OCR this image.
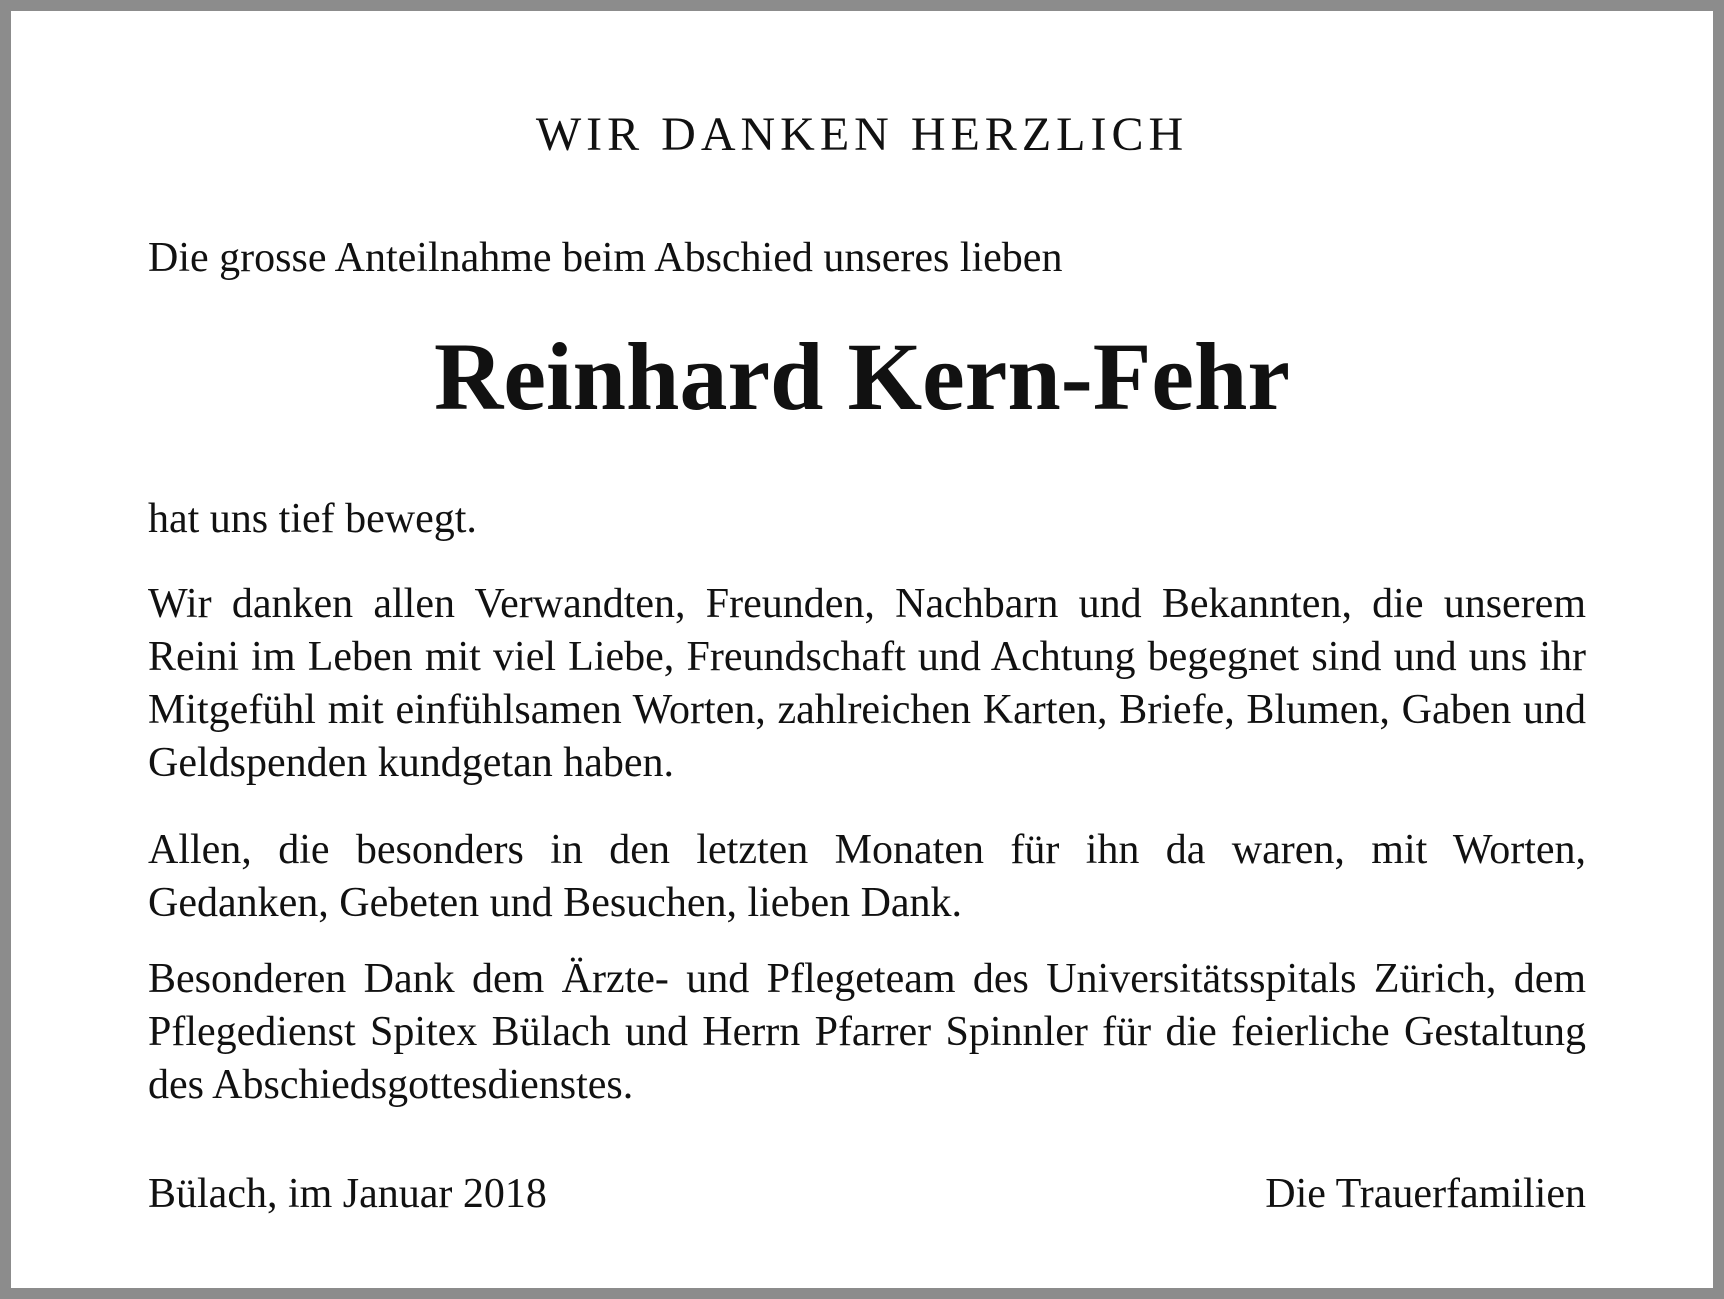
WIR DANKEN HERZLICH
Die grosse Anteilnahme beim Abschied unseres lieben
Reinhard Kern-Fehr

hat uns tief bewegt.

Wir danken allen Verwandten, Freunden, Nachbarn und Bekannten, die unserem Reini im Leben mit viel Liebe, Freundschaft und Achtung begegnet sind und uns ihr Mitgefühl mit einfühlsamen Worten, zahlreichen Karten, Briefe, Blumen, Gaben und Geldspenden kundgetan haben.

Allen, die besonders in den letzten Monaten für ihn da waren, mit Worten, Gedanken, Gebeten und Besuchen, lieben Dank.

Besonderen Dank dem Ärzte- und Pflegeteam des Universitätsspitals Zürich, dem Pflegedienst Spitex Bülach und Herrn Pfarrer Spinnler für die feierliche Gestaltung des Abschiedsgottesdienstes.

Bülach, im Januar 2018	Die Trauerfamilien
